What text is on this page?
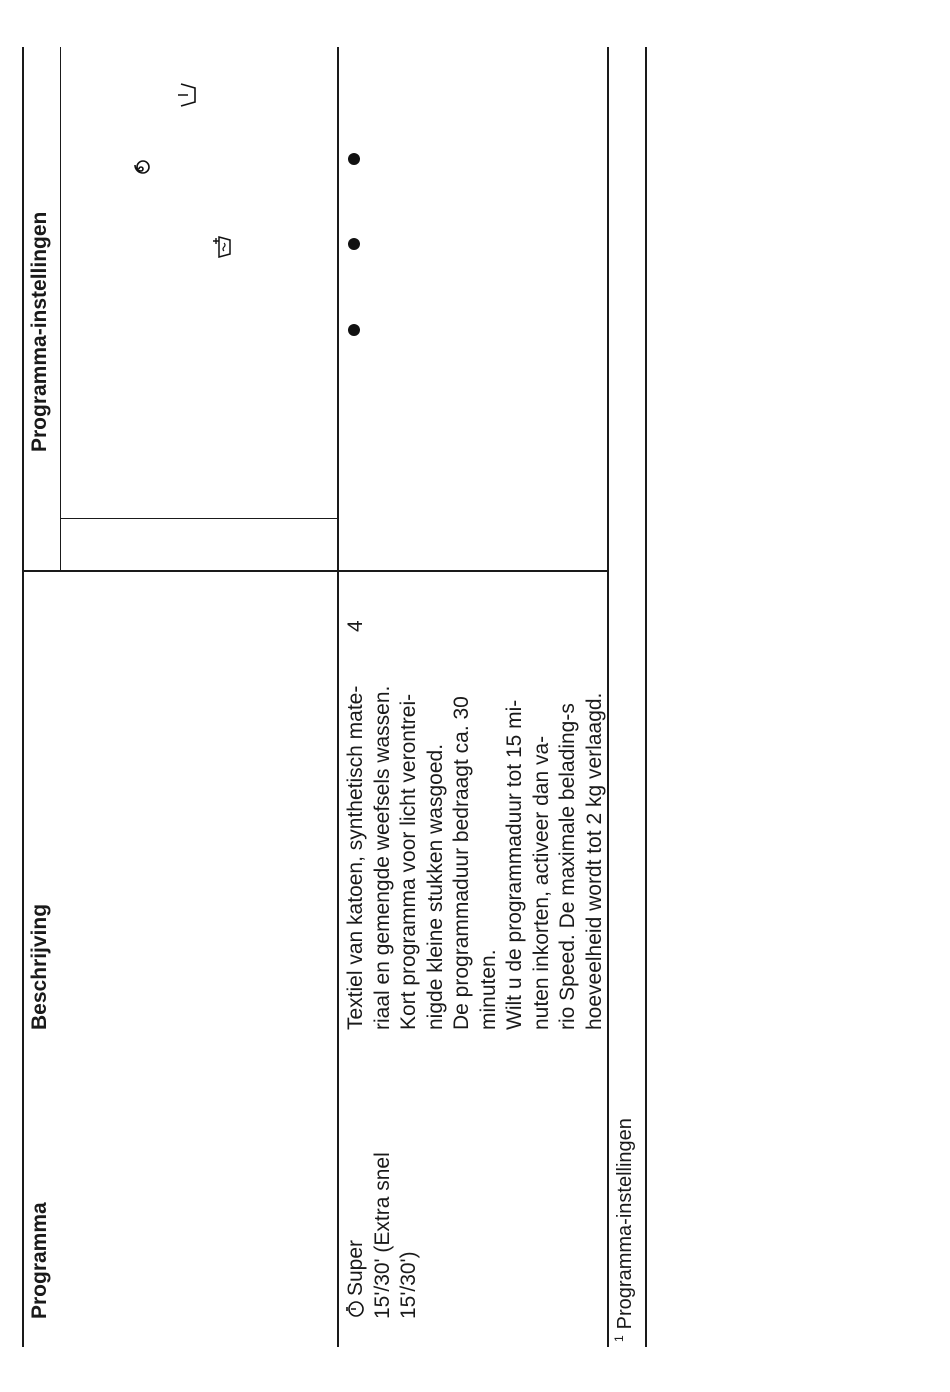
Programma
Beschrijving
Programma-instellingen
Super 15'/30' (Extra snel 15'/30')
Textiel van katoen, synthetisch mate- riaal en gemengde weefsels wassen. Kort programma voor licht verontrei- nigde kleine stukken wasgoed. De programmaduur bedraagt ca. 30 minuten. Wilt u de programmaduur tot 15 mi- nuten inkorten, activeer dan va- rio Speed. De maximale belading-s hoeveelheid wordt tot 2 kg verlaagd.
4
$^1$Programma-instellingen
